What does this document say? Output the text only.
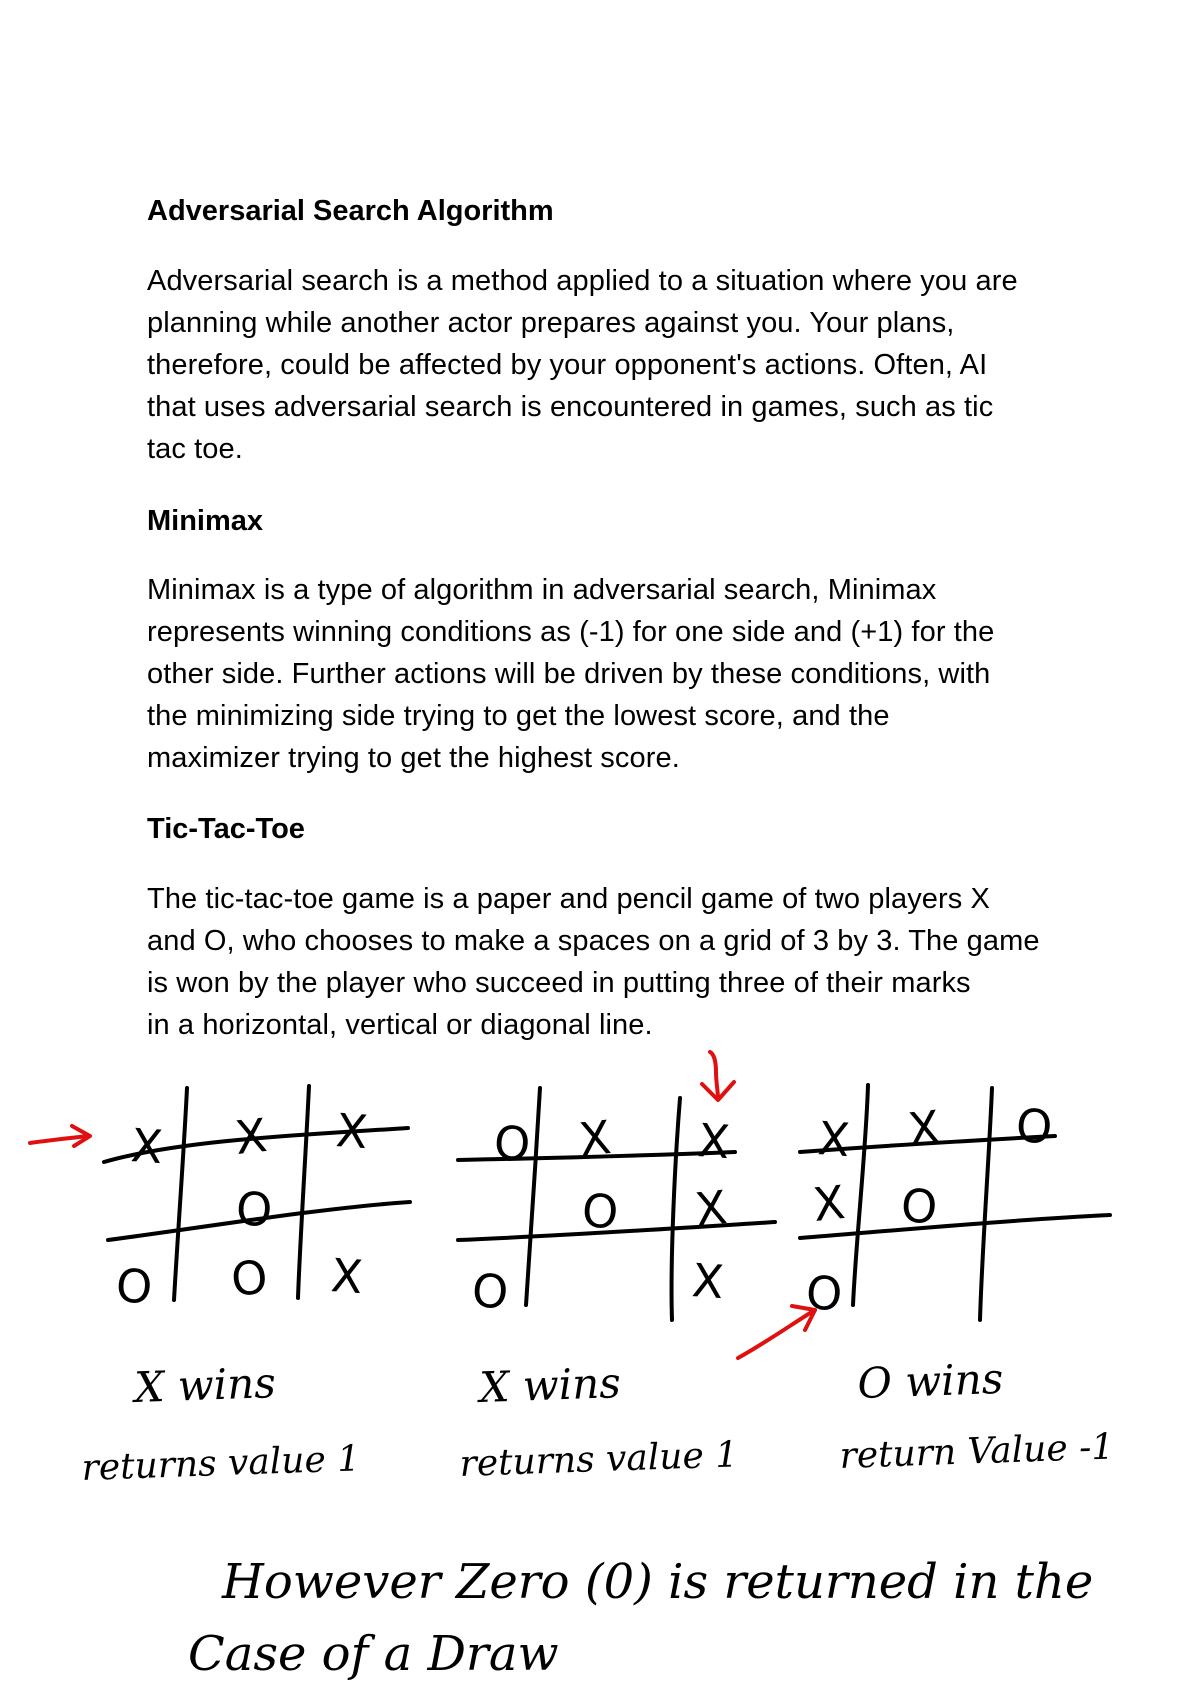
Adversarial Search Algorithm
Adversarial search is a method applied to a situation where you are
planning while another actor prepares against you. Your plans,
therefore, could be affected by your opponent's actions. Often, AI
that uses adversarial search is encountered in games, such as tic
tac toe.
Minimax
Minimax is a type of algorithm in adversarial search, Minimax
represents winning conditions as (-1) for one side and (+1) for the
other side. Further actions will be driven by these conditions, with
the minimizing side trying to get the lowest score, and the
maximizer trying to get the highest score.
Tic-Tac-Toe
The tic-tac-toe game is a paper and pencil game of two players X
and O, who chooses to make a spaces on a grid of 3 by 3. The game
is won by the player who succeed in putting three of their marks
in a horizontal, vertical or diagonal line.
X X X
O
O O X
O X X
O X
O	X
X X O
X O
O
X wins
returns value 1
X wins
returns value 1
O wins
return Value -1
However Zero (0) is returned in the
Case of a Draw
